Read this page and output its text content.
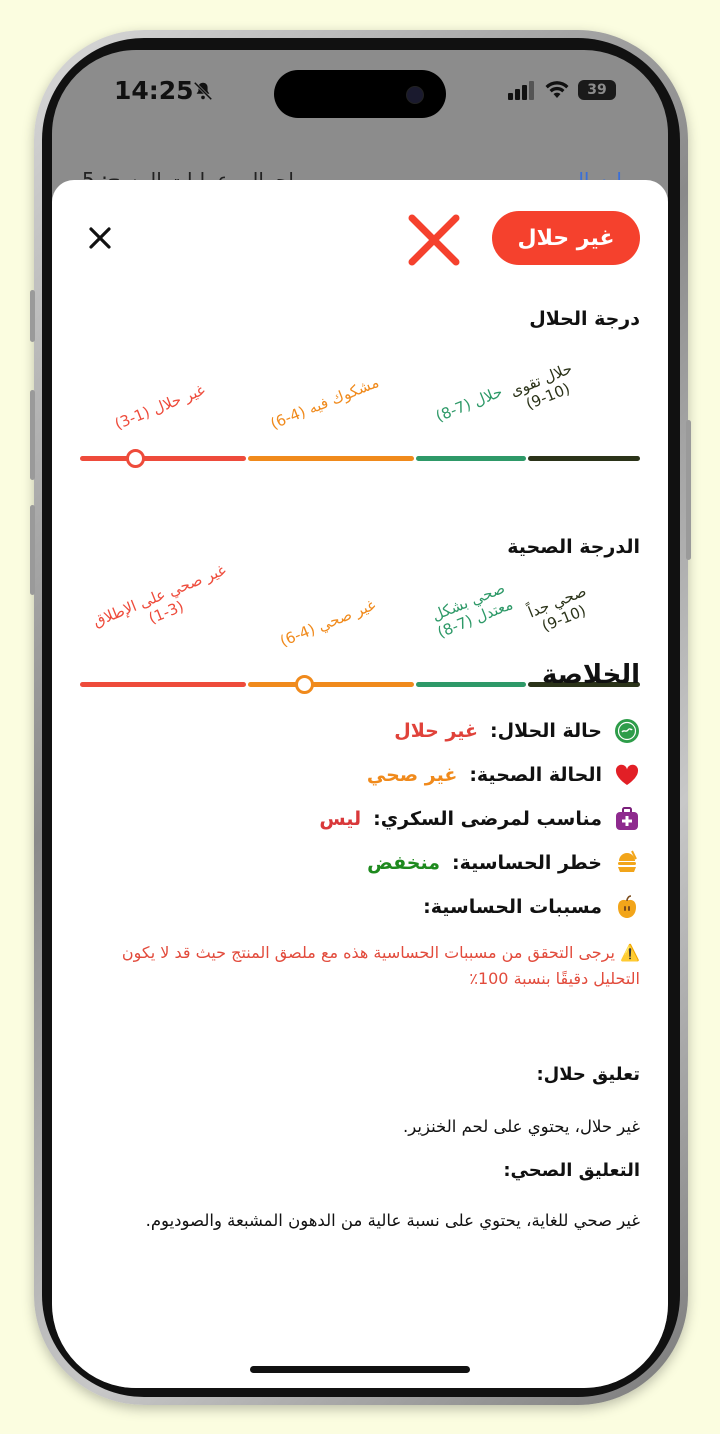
14:25	39
غير حلال
درجة الحلال
حلال تقوى
(9-10)
حلال (7-8)
مشكوك فيه (4-6)
غير حلال (1-3)
الدرجة الصحية
صحي جداً
(9-10)
صحي بشكل
معتدل (7-8)
غير صحي (4-6)
غير صحي على الإطلاق
(1-3)
الخلاصة
حالة الحلال:
غير حلال
الحالة الصحية:
غير صحي
مناسب لمرضى السكري:
ليس
خطر الحساسية:
منخفض
مسببات الحساسية:
⚠️ يرجى التحقق من مسببات الحساسية هذه مع ملصق المنتج حيث قد لا يكون التحليل دقيقًا بنسبة 100٪
تعليق حلال:
غير حلال، يحتوي على لحم الخنزير.
التعليق الصحي:
غير صحي للغاية، يحتوي على نسبة عالية من الدهون المشبعة والصوديوم.
